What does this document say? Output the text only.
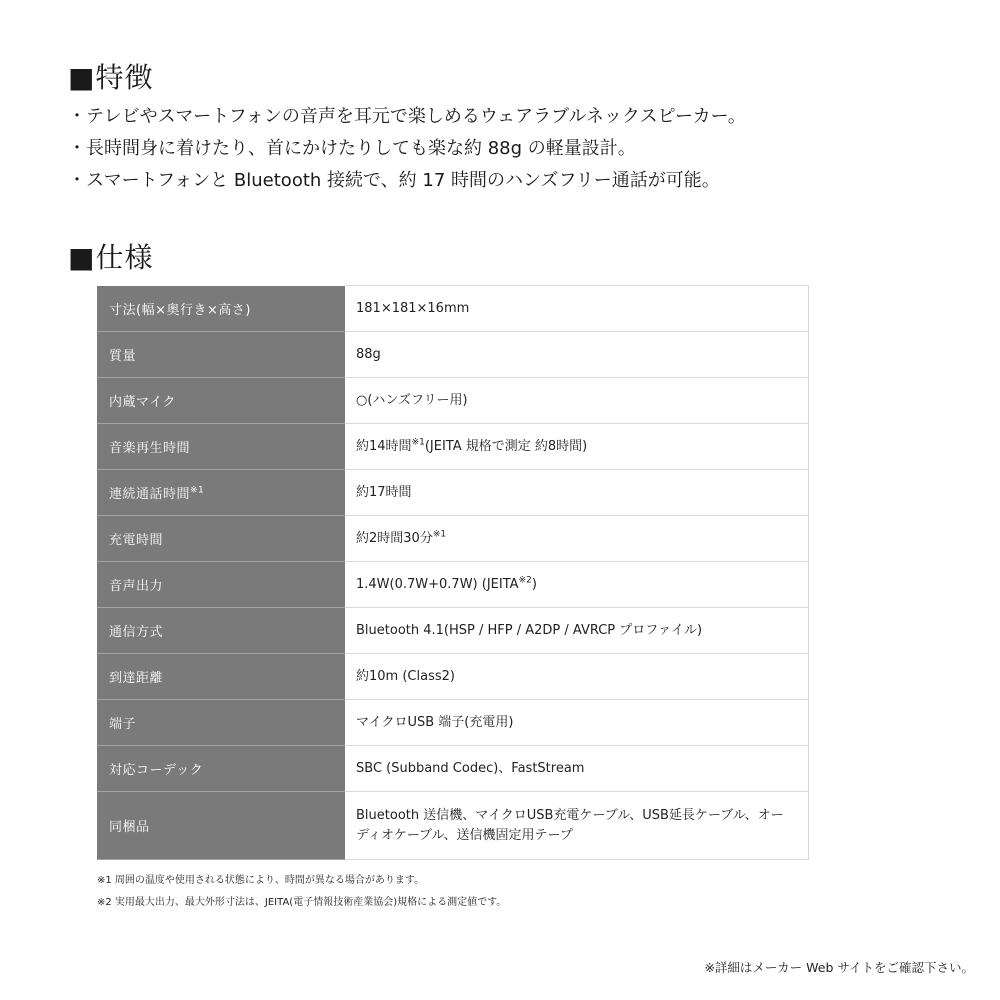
■特徴
・テレビやスマートフォンの音声を耳元で楽しめるウェアラブルネックスピーカー。
・長時間身に着けたり、首にかけたりしても楽な約 88g の軽量設計。
・スマートフォンと Bluetooth 接続で、約 17 時間のハンズフリー通話が可能。
■仕様
寸法(幅×奥行き×高さ)	181×181×16mm
質量	88g
内蔵マイク	○(ハンズフリー用)
音楽再生時間	約14時間$^{※1}$(JEITA 規格で測定 約8時間)
連続通話時間$^{※1}$	約17時間
充電時間	約2時間30分$^{※1}$
音声出力	1.4W(0.7W+0.7W) (JEITA$^{※2}$)
通信方式	Bluetooth 4.1(HSP / HFP / A2DP / AVRCP プロファイル)
到達距離	約10m (Class2)
端子	マイクロUSB 端子(充電用)
対応コーデック	SBC (Subband Codec)、FastStream
同梱品	Bluetooth 送信機、マイクロUSB充電ケーブル、USB延長ケーブル、オーディオケーブル、送信機固定用テープ
※1 周囲の温度や使用される状態により、時間が異なる場合があります。
※2 実用最大出力、最大外形寸法は、JEITA(電子情報技術産業協会)規格による測定値です。
※詳細はメーカー Web サイトをご確認下さい。
